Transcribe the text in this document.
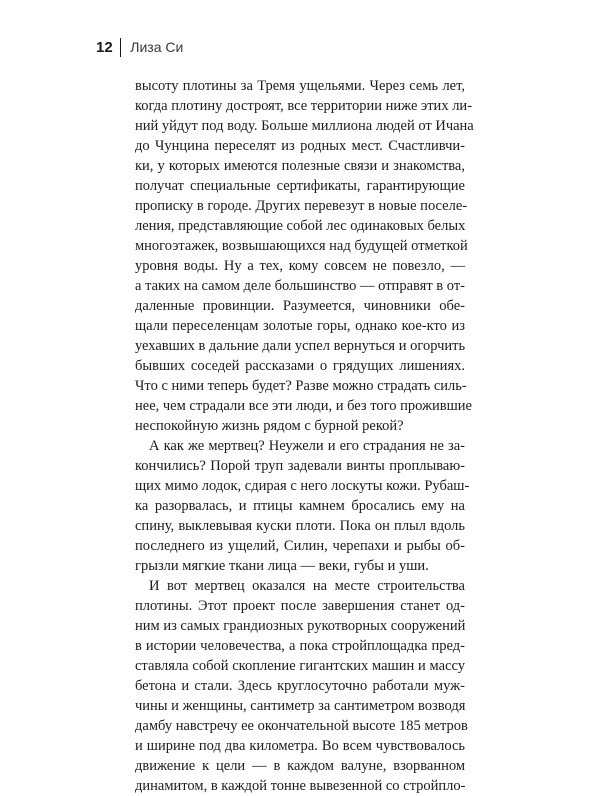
12 Лиза Си
высоту плотины за Тремя ущельями. Через семь лет,
когда плотину достроят, все территории ниже этих ли-
ний уйдут под воду. Больше миллиона людей от Ичана
до Чунцина переселят из родных мест. Счастливчи-
ки, у которых имеются полезные связи и знакомства,
получат специальные сертификаты, гарантирующие
прописку в городе. Других перевезут в новые поселе-
ления, представляющие собой лес одинаковых белых
многоэтажек, возвышающихся над будущей отметкой
уровня воды. Ну а тех, кому совсем не повезло, —
а таких на самом деле большинство — отправят в от-
даленные провинции. Разумеется, чиновники обе-
щали переселенцам золотые горы, однако кое-кто из
уехавших в дальние дали успел вернуться и огорчить
бывших соседей рассказами о грядущих лишениях.
Что с ними теперь будет? Разве можно страдать силь-
нее, чем страдали все эти люди, и без того прожившие
неспокойную жизнь рядом с бурной рекой?
А как же мертвец? Неужели и его страдания не за-
кончились? Порой труп задевали винты проплываю-
щих мимо лодок, сдирая с него лоскуты кожи. Рубаш-
ка разорвалась, и птицы камнем бросались ему на
спину, выклевывая куски плоти. Пока он плыл вдоль
последнего из ущелий, Силин, черепахи и рыбы об-
грызли мягкие ткани лица — веки, губы и уши.
И вот мертвец оказался на месте строительства
плотины. Этот проект после завершения станет од-
ним из самых грандиозных рукотворных сооружений
в истории человечества, а пока стройплощадка пред-
ставляла собой скопление гигантских машин и массу
бетона и стали. Здесь круглосуточно работали муж-
чины и женщины, сантиметр за сантиметром возводя
дамбу навстречу ее окончательной высоте 185 метров
и ширине под два километра. Во всем чувствовалось
движение к цели — в каждом валуне, взорванном
динамитом, в каждой тонне вывезенной со стройпло-
